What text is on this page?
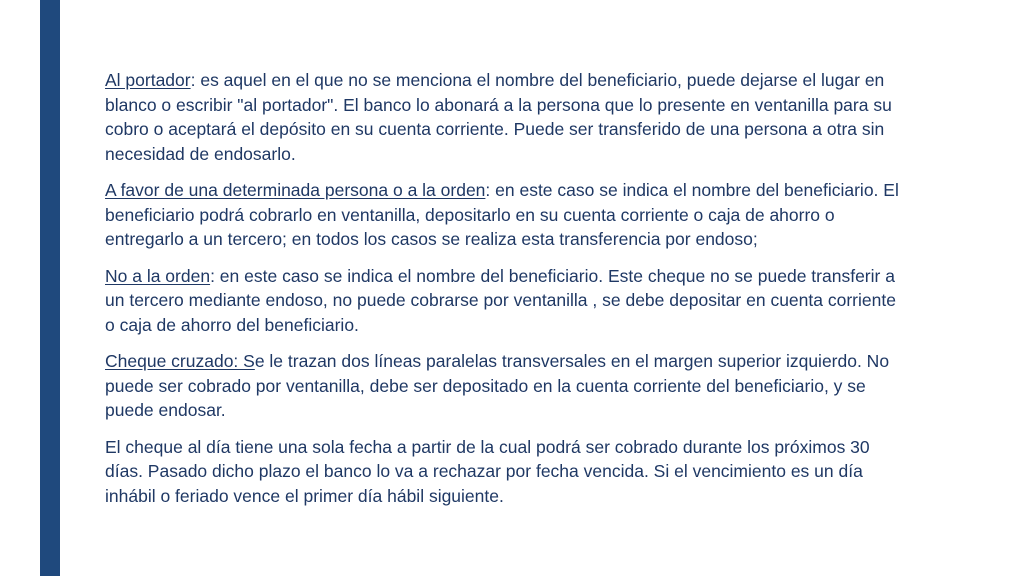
Al portador: es aquel en el que no se menciona el nombre del beneficiario, puede dejarse el lugar en blanco o escribir "al portador". El banco lo abonará a la persona que lo presente en ventanilla para su cobro o aceptará el depósito en su cuenta corriente. Puede ser transferido de una persona a otra sin necesidad de endosarlo.

A favor de una determinada persona o a la orden: en este caso se indica el nombre del beneficiario. El beneficiario podrá cobrarlo en ventanilla, depositarlo en su cuenta corriente o caja de ahorro o entregarlo a un tercero; en todos los casos se realiza esta transferencia por endoso;

No a la orden: en este caso se indica el nombre del beneficiario. Este cheque no se puede transferir a un tercero mediante endoso, no puede cobrarse por ventanilla , se debe depositar en cuenta corriente o caja de ahorro del beneficiario.

Cheque cruzado: Se le trazan dos líneas paralelas transversales en el margen superior izquierdo. No puede ser cobrado por ventanilla, debe ser depositado en la cuenta corriente del beneficiario, y se puede endosar.

El cheque al día tiene una sola fecha a partir de la cual podrá ser cobrado durante los próximos 30 días. Pasado dicho plazo el banco lo va a rechazar por fecha vencida. Si el vencimiento es un día inhábil o feriado vence el primer día hábil siguiente.
